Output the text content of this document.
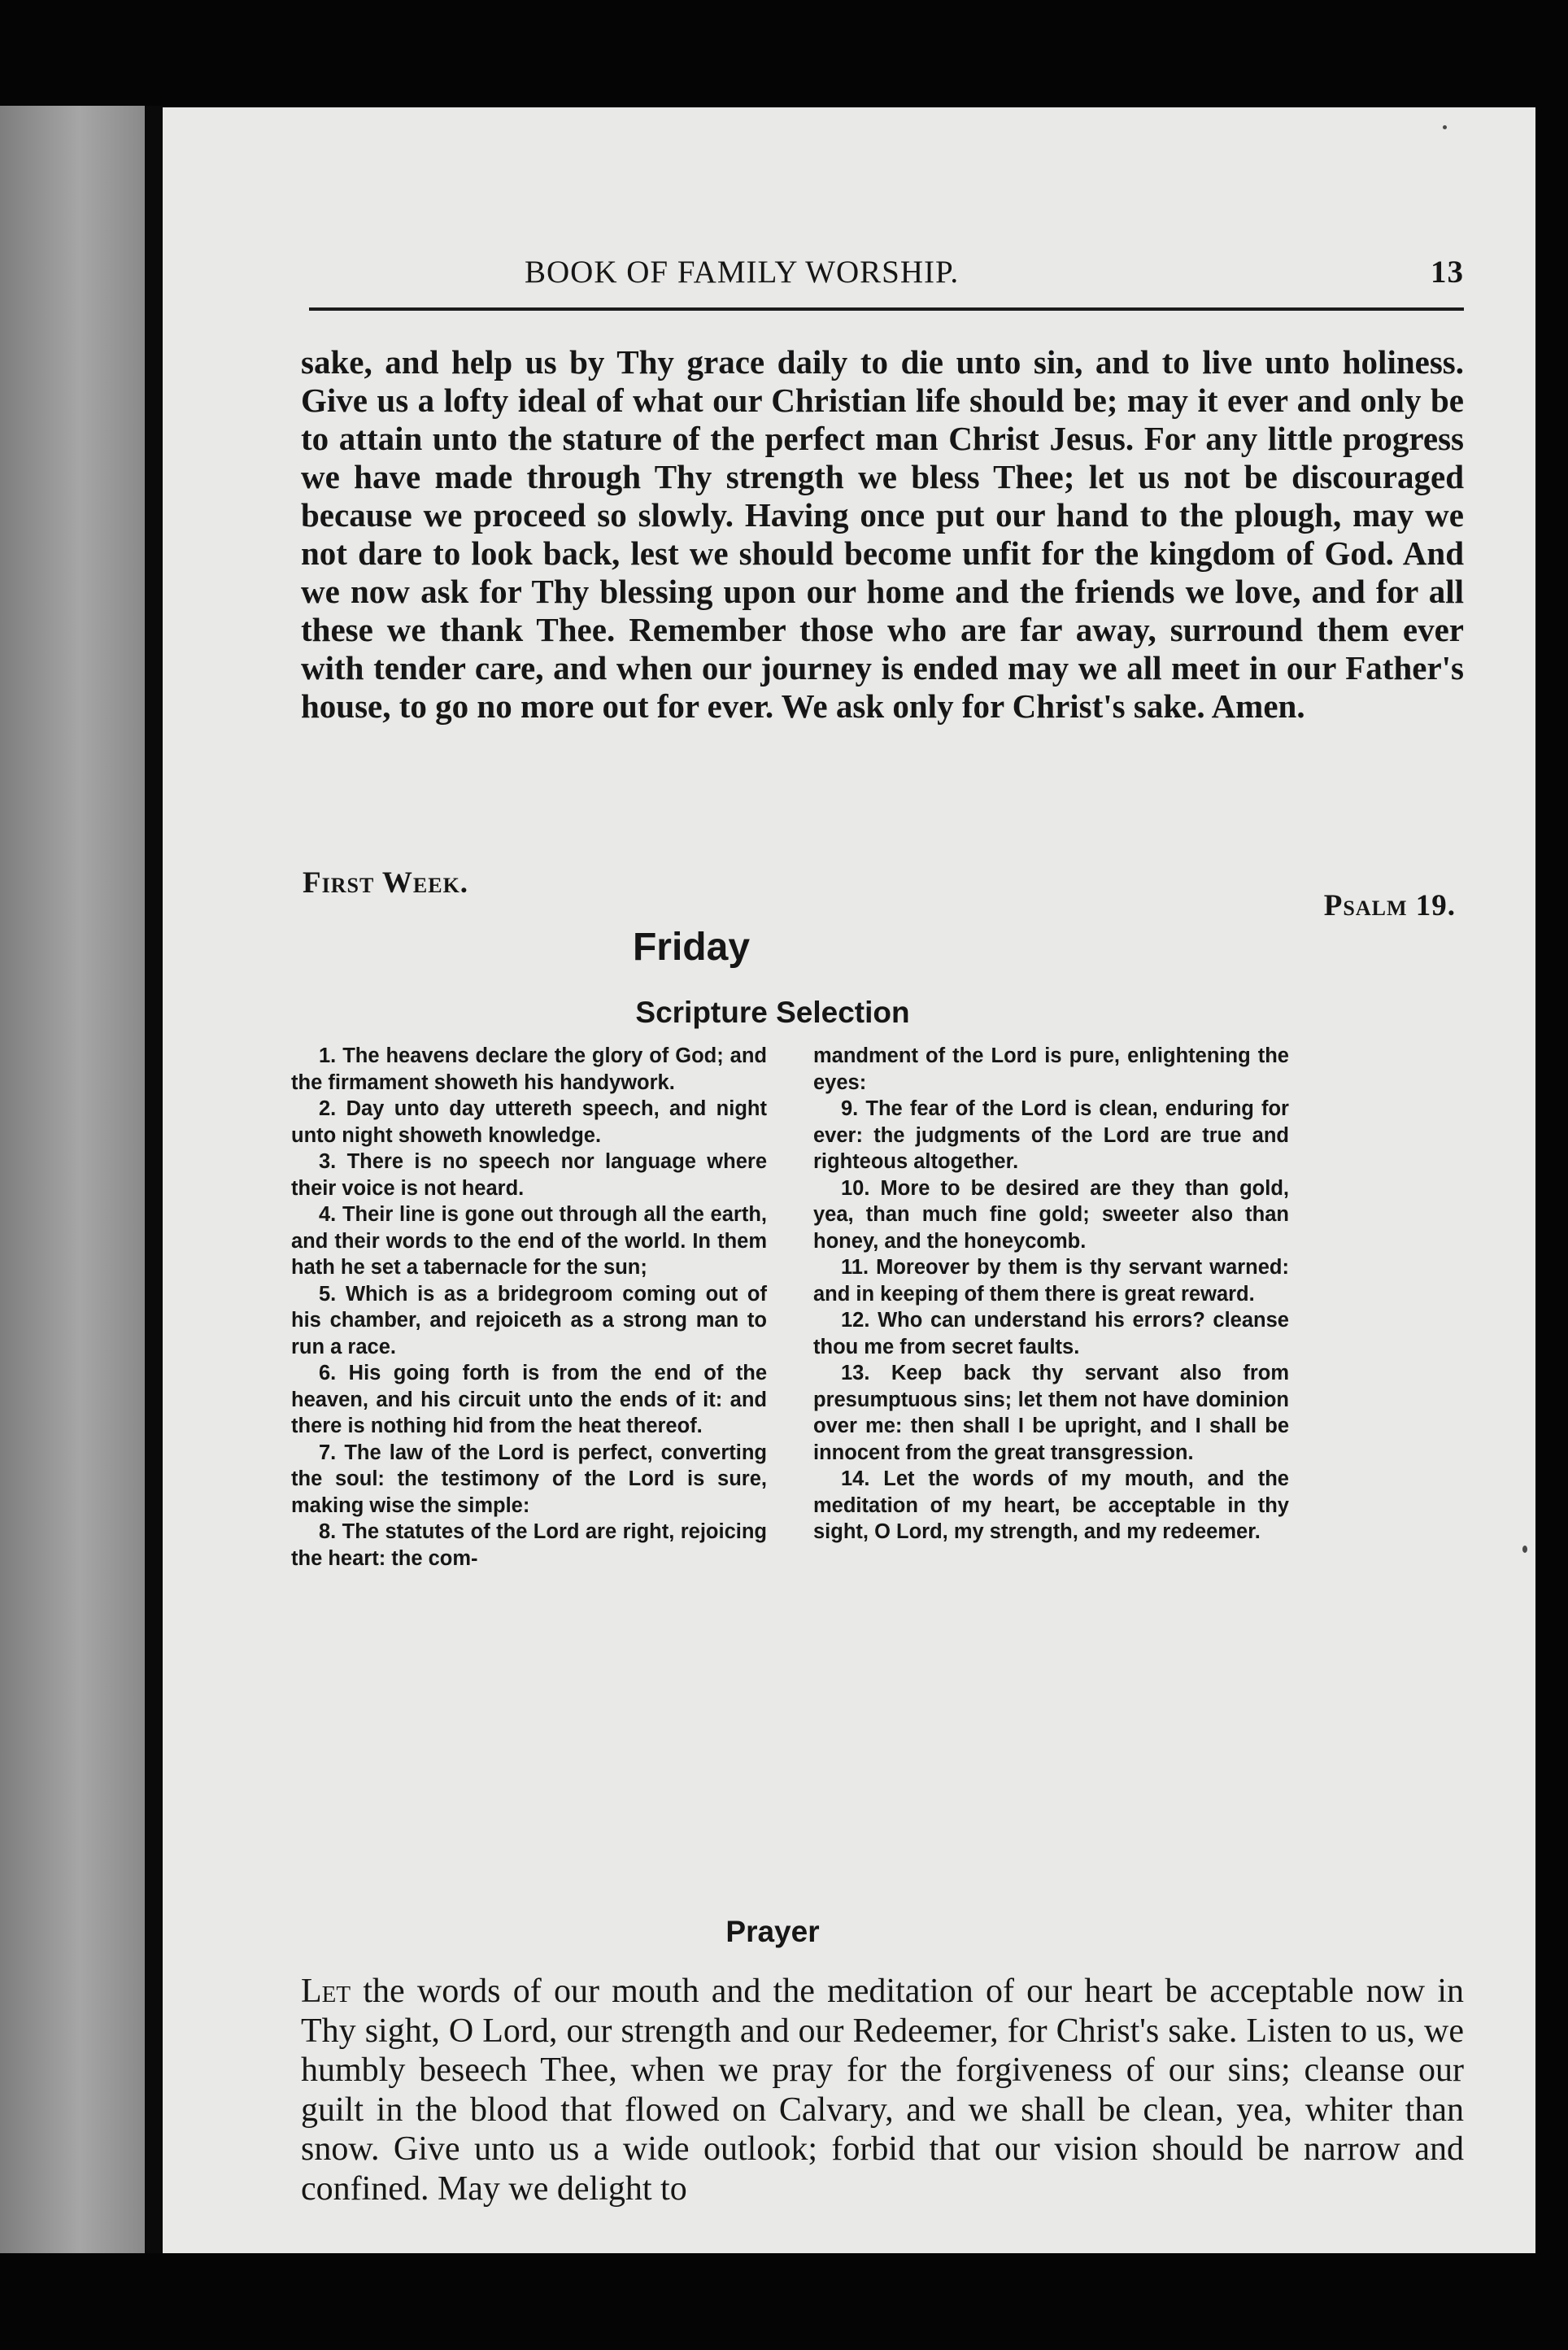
BOOK OF FAMILY WORSHIP.	13

sake, and help us by Thy grace daily to die unto sin, and to live unto holiness. Give us a lofty ideal of what our Christian life should be; may it ever and only be to attain unto the stature of the perfect man Christ Jesus. For any little progress we have made through Thy strength we bless Thee; let us not be discouraged because we proceed so slowly. Having once put our hand to the plough, may we not dare to look back, lest we should become unfit for the kingdom of God. And we now ask for Thy blessing upon our home and the friends we love, and for all these we thank Thee. Remember those who are far away, surround them ever with tender care, and when our journey is ended may we all meet in our Father's house, to go no more out for ever. We ask only for Christ's sake. Amen.

First Week.
Psalm 19.
Friday
Scripture Selection

1. The heavens declare the glory of God; and the firmament showeth his handywork.

2. Day unto day uttereth speech, and night unto night showeth knowledge.

3. There is no speech nor language where their voice is not heard.

4. Their line is gone out through all the earth, and their words to the end of the world. In them hath he set a tabernacle for the sun;

5. Which is as a bridegroom coming out of his chamber, and rejoiceth as a strong man to run a race.

6. His going forth is from the end of the heaven, and his circuit unto the ends of it: and there is nothing hid from the heat thereof.

7. The law of the Lord is perfect, converting the soul: the testimony of the Lord is sure, making wise the simple:

8. The statutes of the Lord are right, rejoicing the heart: the com-

mandment of the Lord is pure, enlightening the eyes:

9. The fear of the Lord is clean, enduring for ever: the judgments of the Lord are true and righteous altogether.

10. More to be desired are they than gold, yea, than much fine gold; sweeter also than honey, and the honeycomb.

11. Moreover by them is thy servant warned: and in keeping of them there is great reward.

12. Who can understand his errors? cleanse thou me from secret faults.

13. Keep back thy servant also from presumptuous sins; let them not have dominion over me: then shall I be upright, and I shall be innocent from the great transgression.

14. Let the words of my mouth, and the meditation of my heart, be acceptable in thy sight, O Lord, my strength, and my redeemer.

Prayer

Let the words of our mouth and the meditation of our heart be acceptable now in Thy sight, O Lord, our strength and our Redeemer, for Christ's sake. Listen to us, we humbly beseech Thee, when we pray for the forgiveness of our sins; cleanse our guilt in the blood that flowed on Calvary, and we shall be clean, yea, whiter than snow. Give unto us a wide outlook; forbid that our vision should be narrow and confined. May we delight to
